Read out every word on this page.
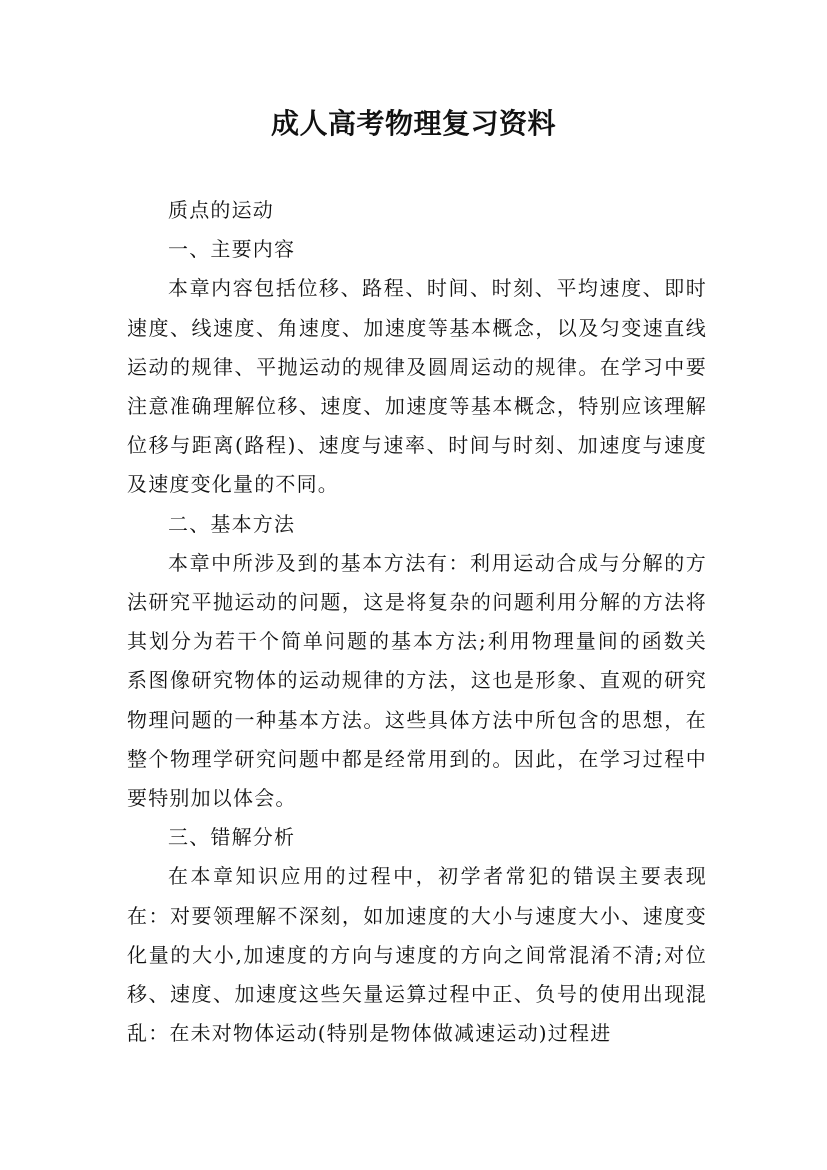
成人高考物理复习资料

质点的运动

一、主要内容

本章内容包括位移、路程、时间、时刻、平均速度、即时速度、线速度、角速度、加速度等基本概念，以及匀变速直线运动的规律、平抛运动的规律及圆周运动的规律。在学习中要注意准确理解位移、速度、加速度等基本概念，特别应该理解位移与距离(路程)、速度与速率、时间与时刻、加速度与速度及速度变化量的不同。

二、基本方法

本章中所涉及到的基本方法有：利用运动合成与分解的方法研究平抛运动的问题，这是将复杂的问题利用分解的方法将其划分为若干个简单问题的基本方法;利用物理量间的函数关系图像研究物体的运动规律的方法，这也是形象、直观的研究物理问题的一种基本方法。这些具体方法中所包含的思想，在整个物理学研究问题中都是经常用到的。因此，在学习过程中要特别加以体会。

三、错解分析

在本章知识应用的过程中，初学者常犯的错误主要表现在：对要领理解不深刻，如加速度的大小与速度大小、速度变化量的大小,加速度的方向与速度的方向之间常混淆不清;对位移、速度、加速度这些矢量运算过程中正、负号的使用出现混乱：在未对物体运动(特别是物体做减速运动)过程进
